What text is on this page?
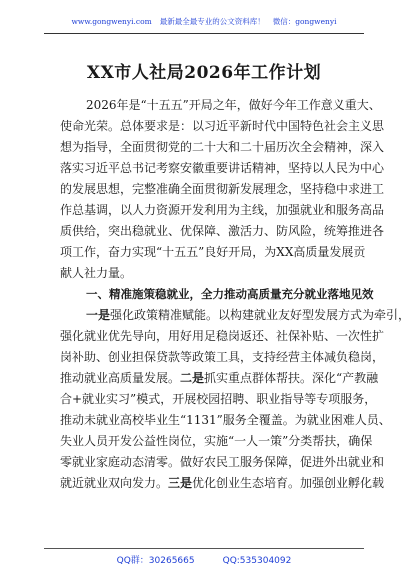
www.gongwenyi.com 最新最全最专业的公文资料库！ 微信：gongwenyi
XX市人社局2026年工作计划
2026年是“十五五”开局之年，做好今年工作意义重大、
使命光荣。总体要求是：以习近平新时代中国特色社会主义思
想为指导，全面贯彻党的二十大和二十届历次全会精神，深入
落实习近平总书记考察安徽重要讲话精神，坚持以人民为中心
的发展思想，完整准确全面贯彻新发展理念，坚持稳中求进工
作总基调，以人力资源开发利用为主线，加强就业和服务高品
质供给，突出稳就业、优保障、激活力、防风险，统筹推进各
项工作，奋力实现“十五五”良好开局，为XX高质量发展贡
献人社力量。
一、精准施策稳就业，全力推动高质量充分就业落地见效
一是强化政策精准赋能。以构建就业友好型发展方式为牵引，
强化就业优先导向，用好用足稳岗返还、社保补贴、一次性扩
岗补助、创业担保贷款等政策工具，支持经营主体减负稳岗，
推动就业高质量发展。二是抓实重点群体帮扶。深化“产教融
合+就业实习”模式，开展校园招聘、职业指导等专项服务，
推动未就业高校毕业生“1131”服务全覆盖。为就业困难人员、
失业人员开发公益性岗位，实施“一人一策”分类帮扶，确保
零就业家庭动态清零。做好农民工服务保障，促进外出就业和
就近就业双向发力。三是优化创业生态培育。加强创业孵化载
QQ群：30265665	QQ:535304092
